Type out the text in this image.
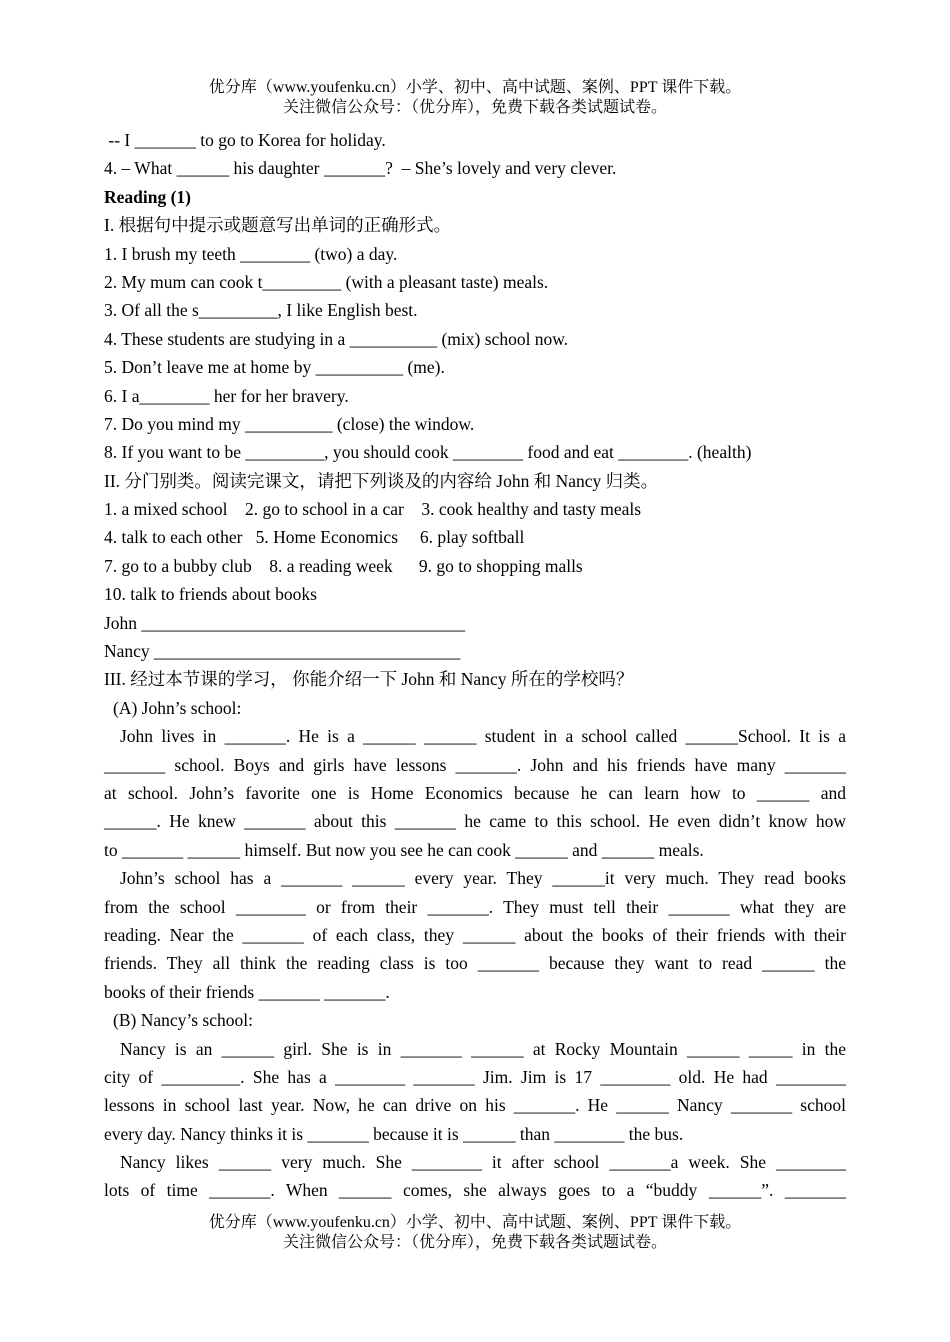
优分库（www.youfenku.cn）小学、初中、高中试题、案例、PPT 课件下载。
关注微信公众号：（优分库），免费下载各类试题试卷。
-- I _______ to go to Korea for holiday.
4. – What ______ his daughter _______?  – She’s lovely and very clever.
Reading (1)
I. 根据句中提示或题意写出单词的正确形式。
1. I brush my teeth ________ (two) a day.
2. My mum can cook t_________ (with a pleasant taste) meals.
3. Of all the s_________, I like English best.
4. These students are studying in a __________ (mix) school now.
5. Don’t leave me at home by __________ (me).
6. I a________ her for her bravery.
7. Do you mind my __________ (close) the window.
8. If you want to be _________, you should cook ________ food and eat ________. (health)
II. 分门别类。阅读完课文，请把下列谈及的内容给 John 和 Nancy 归类。
1. a mixed school    2. go to school in a car    3. cook healthy and tasty meals
4. talk to each other   5. Home Economics     6. play softball
7. go to a bubby club    8. a reading week      9. go to shopping malls
10. talk to friends about books
John _____________________________________
Nancy ___________________________________
III. 经过本节课的学习， 你能介绍一下 John 和 Nancy 所在的学校吗？
(A) John’s school:
John lives in _______. He is a ______ ______ student in a school called ______School. It is a
_______ school. Boys and girls have lessons _______. John and his friends have many _______
at school. John’s favorite one is Home Economics because he can learn how to ______ and
______. He knew _______ about this _______ he came to this school. He even didn’t know how
to _______ ______ himself. But now you see he can cook ______ and ______ meals.
John’s school has a _______ ______ every year. They ______it very much. They read books
from the school ________ or from their _______. They must tell their _______ what they are
reading. Near the _______ of each class, they ______ about the books of their friends with their
friends. They all think the reading class is too _______ because they want to read ______ the
books of their friends _______ _______.
(B) Nancy’s school:
Nancy is an ______ girl. She is in _______ ______ at Rocky Mountain ______ _____ in the
city of _________. She has a ________ _______ Jim. Jim is 17 ________ old. He had ________
lessons in school last year. Now, he can drive on his _______. He ______ Nancy _______ school
every day. Nancy thinks it is _______ because it is ______ than ________ the bus.
Nancy likes ______ very much. She ________ it after school _______a week. She ________
lots of time _______. When ______ comes, she always goes to a “buddy ______”. _______
优分库（www.youfenku.cn）小学、初中、高中试题、案例、PPT 课件下载。
关注微信公众号：（优分库），免费下载各类试题试卷。
